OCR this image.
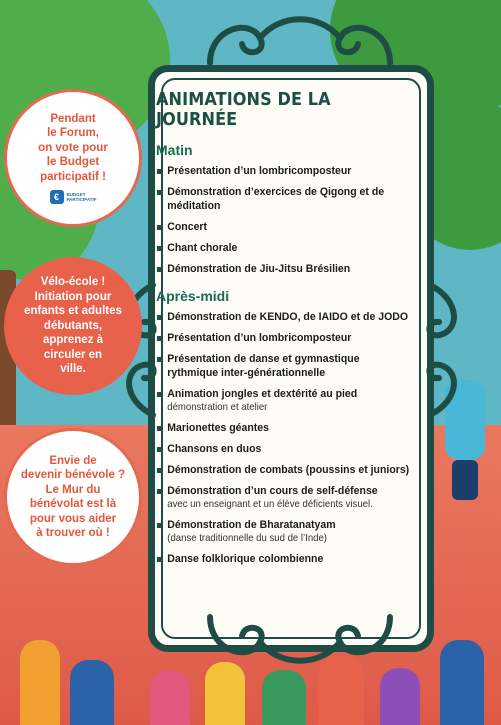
ANIMATIONS DE LA JOURNÉE
Matin
Présentation d’un lombricomposteur
Démonstration d’exercices de Qigong et de méditation
Concert
Chant chorale
Démonstration de Jiu-Jitsu Brésilien
Après-midi
Démonstration de KENDO, de IAIDO et de JODO
Présentation d’un lombricomposteur
Présentation de danse et gymnastique rythmique inter-générationnelle
Animation jongles et dextérité au pied
démonstration et atelier
Marionettes géantes
Chansons en duos
Démonstration de combats (poussins et juniors)
Démonstration d’un cours de self-défense
avec un enseignant et un élève déficients visuel.
Démonstration de Bharatanatyam
(danse traditionnelle du sud de l’Inde)
Danse folklorique colombienne
Pendant
le Forum,
on vote pour
le Budget
participatif !
€	BUDGET
PARTICIPATIF
Vélo-école !
Initiation pour
enfants et adultes
débutants,
apprenez à
circuler en
ville.
Envie de
devenir bénévole ?
Le Mur du
bénévolat est là
pour vous aider
à trouver où !
